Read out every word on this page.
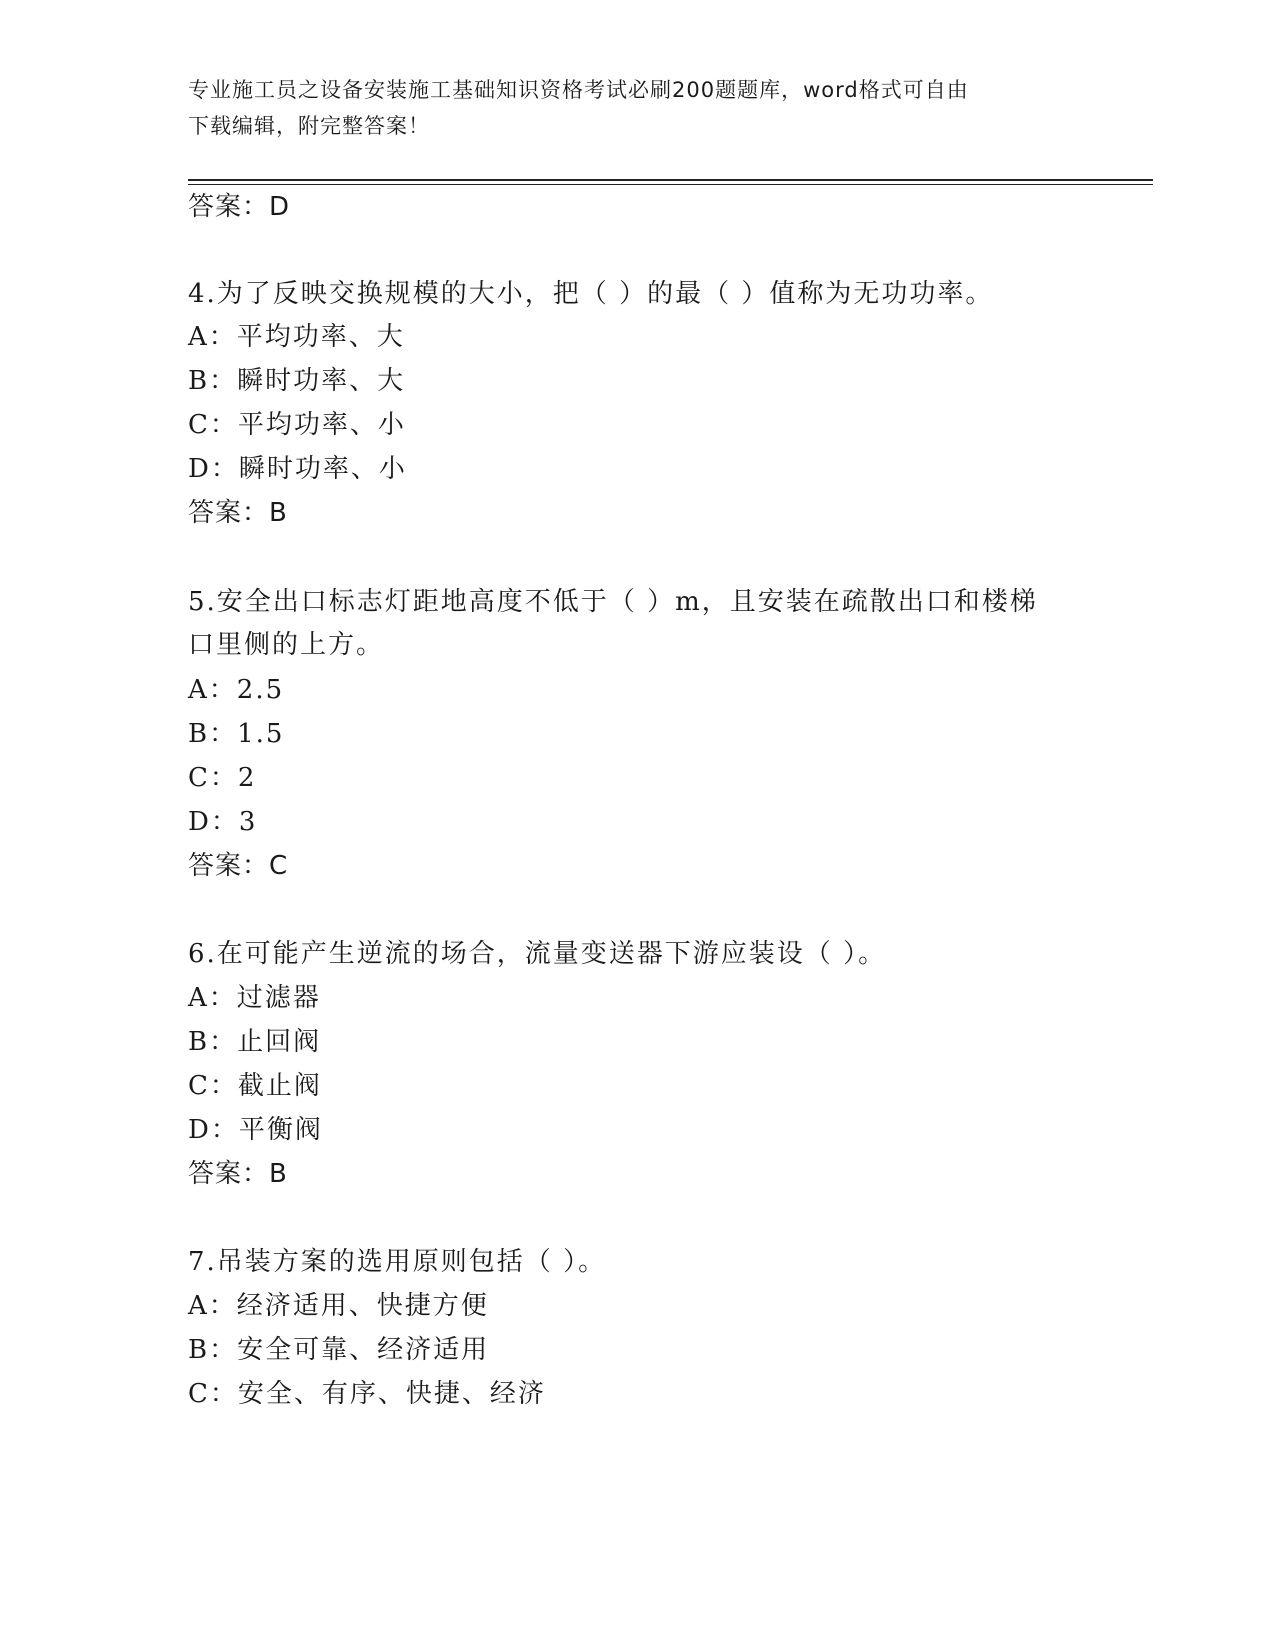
专业施工员之设备安装施工基础知识资格考试必刷200题题库，word格式可自由
下载编辑，附完整答案！
答案：D
4.为了反映交换规模的大小，把（ ）的最（ ）值称为无功功率。
A：平均功率、大
B：瞬时功率、大
C：平均功率、小
D：瞬时功率、小
答案：B
5.安全出口标志灯距地高度不低于（ ）m，且安装在疏散出口和楼梯
口里侧的上方。
A：2.5
B：1.5
C：2
D：3
答案：C
6.在可能产生逆流的场合，流量变送器下游应装设（ ）。
A：过滤器
B：止回阀
C：截止阀
D：平衡阀
答案：B
7.吊装方案的选用原则包括（ ）。
A：经济适用、快捷方便
B：安全可靠、经济适用
C：安全、有序、快捷、经济
